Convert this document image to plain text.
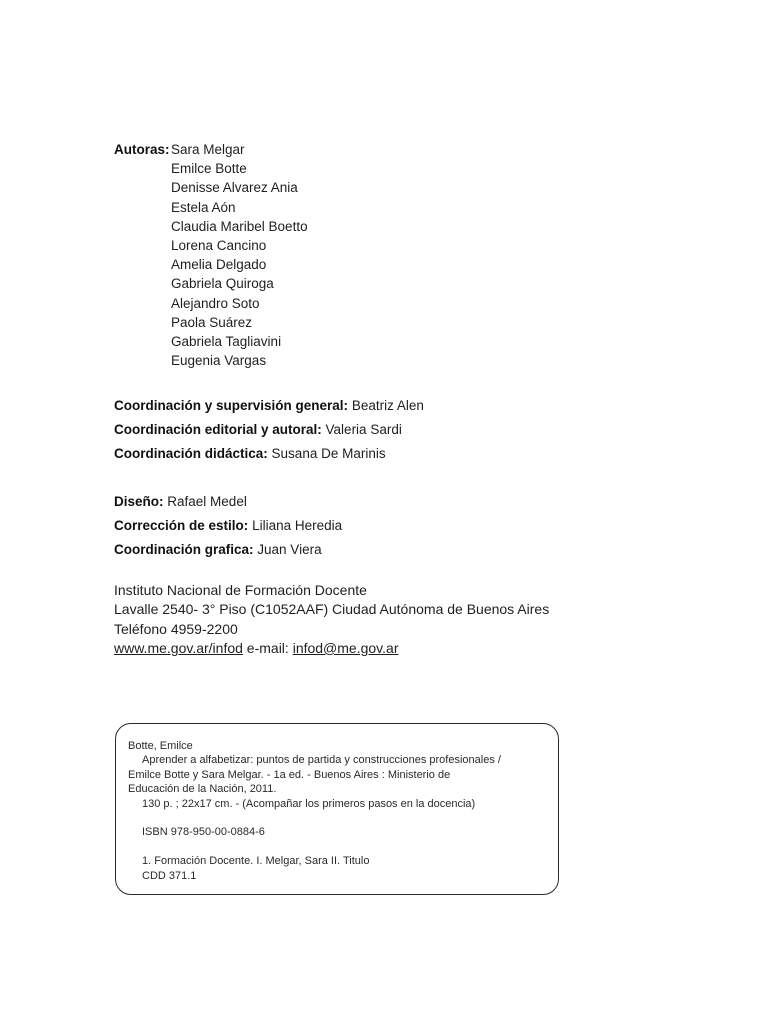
Autoras: Sara Melgar
Emilce Botte
Denisse Alvarez Ania
Estela Aón
Claudia Maribel Boetto
Lorena Cancino
Amelia Delgado
Gabriela Quiroga
Alejandro Soto
Paola Suárez
Gabriela Tagliavini
Eugenia Vargas
Coordinación y supervisión general: Beatriz Alen
Coordinación editorial y autoral: Valeria Sardi
Coordinación didáctica: Susana De Marinis
Diseño: Rafael Medel
Corrección de estilo: Liliana Heredia
Coordinación grafica: Juan Viera
Instituto Nacional de Formación Docente
Lavalle 2540- 3° Piso (C1052AAF) Ciudad Autónoma de Buenos Aires
Teléfono 4959-2200
www.me.gov.ar/infod e-mail: infod@me.gov.ar
Botte, Emilce
Aprender a alfabetizar: puntos de partida y construcciones profesionales /
Emilce Botte y Sara Melgar. - 1a ed. - Buenos Aires : Ministerio de
Educación de la Nación, 2011.
130 p. ; 22x17 cm. - (Acompañar los primeros pasos en la docencia)
ISBN 978-950-00-0884-6
1. Formación Docente. I. Melgar, Sara II. Titulo
CDD 371.1
